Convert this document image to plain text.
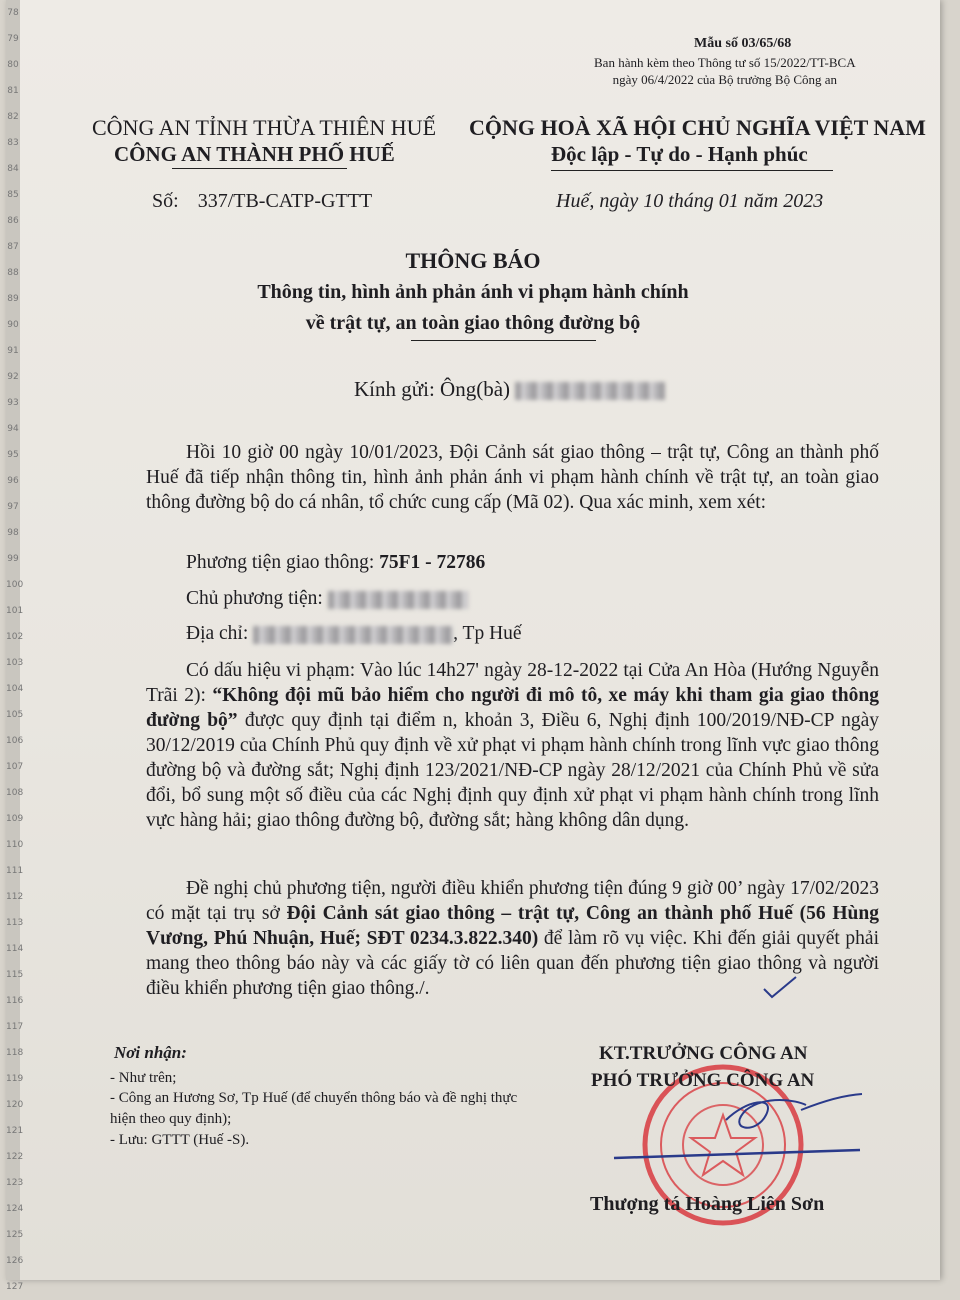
78
79
80
81
82
83
84
85
86
87
88
89
90
91
92
93
94
95
96
97
98
99
100
101
102
103
104
105
106
107
108
109
110
111
112
113
114
115
116
117
118
119
120
121
122
123
124
125
126
127
Mẫu số 03/65/68
Ban hành kèm theo Thông tư số 15/2022/TT-BCA
ngày 06/4/2022 của Bộ trưởng Bộ Công an
CÔNG AN TỈNH THỪA THIÊN HUẾ
CÔNG AN THÀNH PHỐ HUẾ
CỘNG HOÀ XÃ HỘI CHỦ NGHĨA VIỆT NAM
Độc lập - Tự do - Hạnh phúc
Số: 337/TB-CATP-GTTT	Huế, ngày 10 tháng 01 năm 2023
THÔNG BÁO
Thông tin, hình ảnh phản ánh vi phạm hành chính
về trật tự, an toàn giao thông đường bộ
Kính gửi: Ông(bà)
Hồi 10 giờ 00 ngày 10/01/2023, Đội Cảnh sát giao thông – trật tự, Công an thành phố Huế đã tiếp nhận thông tin, hình ảnh phản ánh vi phạm hành chính về trật tự, an toàn giao thông đường bộ do cá nhân, tổ chức cung cấp (Mã 02). Qua xác minh, xem xét:
Phương tiện giao thông: 75F1 - 72786
Chủ phương tiện:
Địa chỉ:	, Tp Huế
Có dấu hiệu vi phạm: Vào lúc 14h27' ngày 28-12-2022 tại Cửa An Hòa (Hướng Nguyễn Trãi 2): “Không đội mũ bảo hiểm cho người đi mô tô, xe máy khi tham gia giao thông đường bộ” được quy định tại điểm n, khoản 3, Điều 6, Nghị định 100/2019/NĐ-CP ngày 30/12/2019 của Chính Phủ quy định về xử phạt vi phạm hành chính trong lĩnh vực giao thông đường bộ và đường sắt; Nghị định 123/2021/NĐ-CP ngày 28/12/2021 của Chính Phủ về sửa đổi, bổ sung một số điều của các Nghị định quy định xử phạt vi phạm hành chính trong lĩnh vực hàng hải; giao thông đường bộ, đường sắt; hàng không dân dụng.
Đề nghị chủ phương tiện, người điều khiển phương tiện đúng 9 giờ 00’ ngày 17/02/2023 có mặt tại trụ sở Đội Cảnh sát giao thông – trật tự, Công an thành phố Huế (56 Hùng Vương, Phú Nhuận, Huế; SĐT 0234.3.822.340) để làm rõ vụ việc. Khi đến giải quyết phải mang theo thông báo này và các giấy tờ có liên quan đến phương tiện giao thông và người điều khiển phương tiện giao thông./.
Nơi nhận:
- Như trên;
- Công an Hương Sơ, Tp Huế (để chuyển thông báo và đề nghị thực hiện theo quy định);
- Lưu: GTTT (Huế -S).
KT.TRƯỞNG CÔNG AN
PHÓ TRƯỞNG CÔNG AN
Thượng tá Hoàng Liên Sơn
